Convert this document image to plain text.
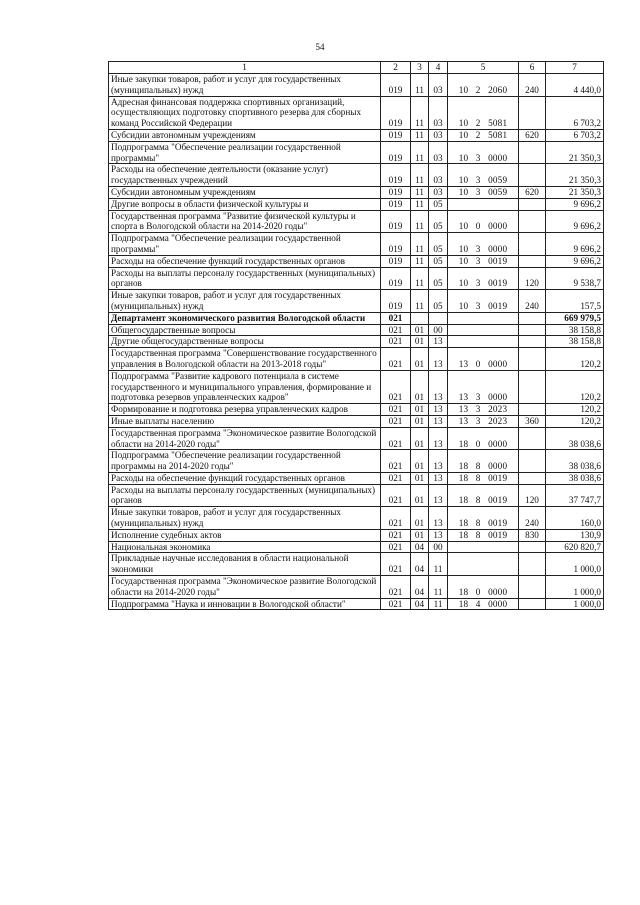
54
1	2	3	4	5	6	7
Иные закупки товаров, работ и услуг для государственных (муниципальных) нужд	019	11	03	10   2   2060	240	4 440,0
Адресная финансовая поддержка спортивных организаций, осуществляющих подготовку спортивного резерва для сборных команд Российской Федерации	019	11	03	10   2   5081		6 703,2
Субсидии автономным учреждениям	019	11	03	10   2   5081	620	6 703,2
Подпрограмма "Обеспечение реализации государственной программы"	019	11	03	10   3   0000		21 350,3
Расходы на обеспечение деятельности (оказание услуг) государственных учреждений	019	11	03	10   3   0059		21 350,3
Субсидии автономным учреждениям	019	11	03	10   3   0059	620	21 350,3
Другие вопросы в области физической культуры и	019	11	05			9 696,2
Государственная программа "Развитие физической культуры и спорта в Вологодской области на 2014-2020 годы"	019	11	05	10   0   0000		9 696,2
Подпрограмма "Обеспечение реализации государственной программы"	019	11	05	10   3   0000		9 696,2
Расходы на обеспечение функций государственных органов	019	11	05	10   3   0019		9 696,2
Расходы на выплаты персоналу государственных (муниципальных) органов	019	11	05	10   3   0019	120	9 538,7
Иные закупки товаров, работ и услуг для государственных (муниципальных) нужд	019	11	05	10   3   0019	240	157,5
Департамент экономического развития Вологодской области	021					669 979,5
Общегосударственные вопросы	021	01	00			38 158,8
Другие общегосударственные вопросы	021	01	13			38 158,8
Государственная программа "Совершенствование государственного управления в Вологодской области на 2013-2018 годы"	021	01	13	13   0   0000		120,2
Подпрограмма "Развитие кадрового потенциала в системе государственного и муниципального управления, формирование и подготовка резервов управленческих кадров"	021	01	13	13   3   0000		120,2
Формирование и подготовка резерва управленческих кадров	021	01	13	13   3   2023		120,2
Иные выплаты населению	021	01	13	13   3   2023	360	120,2
Государственная программа "Экономическое развитие Вологодской области на 2014-2020 годы"	021	01	13	18   0   0000		38 038,6
Подпрограмма "Обеспечение реализации государственной программы на 2014-2020 годы"	021	01	13	18   8   0000		38 038,6
Расходы на обеспечение функций государственных органов	021	01	13	18   8   0019		38 038,6
Расходы на выплаты персоналу государственных (муниципальных) органов	021	01	13	18   8   0019	120	37 747,7
Иные закупки товаров, работ и услуг для государственных (муниципальных) нужд	021	01	13	18   8   0019	240	160,0
Исполнение судебных актов	021	01	13	18   8   0019	830	130,9
Национальная экономика	021	04	00			620 820,7
Прикладные научные исследования в области национальной экономики	021	04	11			1 000,0
Государственная программа "Экономическое развитие Вологодской области на 2014-2020 годы"	021	04	11	18   0   0000		1 000,0
Подпрограмма "Наука и инновации в Вологодской области"	021	04	11	18   4   0000		1 000,0
